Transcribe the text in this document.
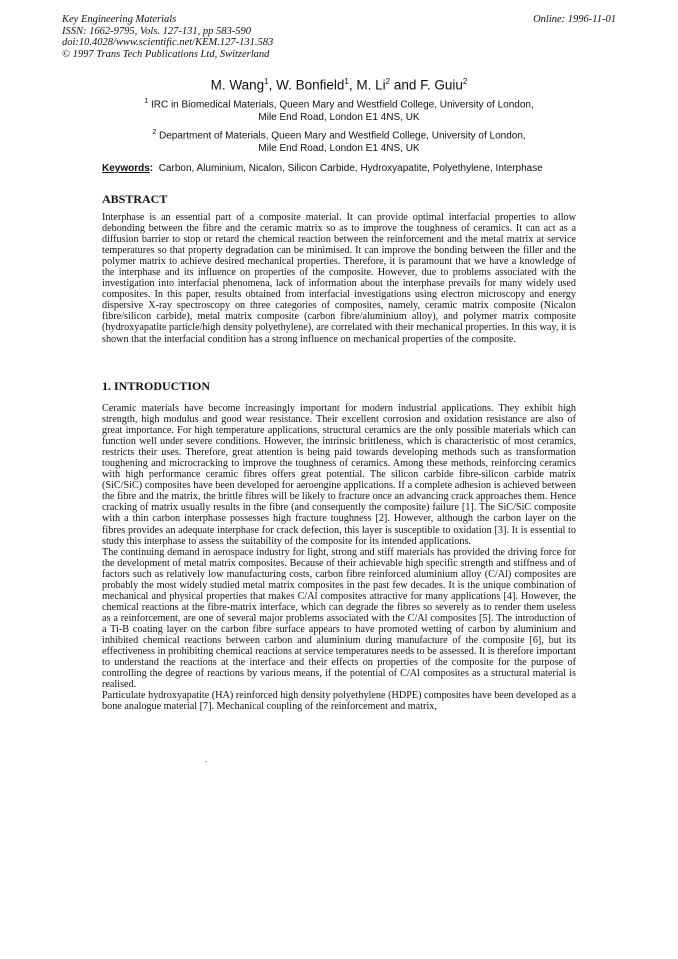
Key Engineering Materials
ISSN: 1662-9795, Vols. 127-131, pp 583-590
doi:10.4028/www.scientific.net/KEM.127-131.583
© 1997 Trans Tech Publications Ltd, Switzerland
Online: 1996-11-01
M. Wang$^1$, W. Bonfield$^1$, M. Li$^2$ and F. Guiu$^2$
$^1$ IRC in Biomedical Materials, Queen Mary and Westfield College, University of London,
Mile End Road, London E1 4NS, UK
$^2$ Department of Materials, Queen Mary and Westfield College, University of London,
Mile End Road, London E1 4NS, UK
Keywords: Carbon, Aluminium, Nicalon, Silicon Carbide, Hydroxyapatite, Polyethylene, Interphase
ABSTRACT

Interphase is an essential part of a composite material. It can provide optimal interfacial properties to allow debonding between the fibre and the ceramic matrix so as to improve the toughness of ceramics. It can act as a diffusion barrier to stop or retard the chemical reaction between the reinforcement and the metal matrix at service temperatures so that property degradation can be minimised. It can improve the bonding between the filler and the polymer matrix to achieve desired mechanical properties. Therefore, it is paramount that we have a knowledge of the interphase and its influence on properties of the composite. However, due to problems associated with the investigation into interfacial phenomena, lack of information about the interphase prevails for many widely used composites. In this paper, results obtained from interfacial investigations using electron microscopy and energy dispersive X-ray spectroscopy on three categories of composites, namely, ceramic matrix composite (Nicalon fibre/silicon carbide), metal matrix composite (carbon fibre/aluminium alloy), and polymer matrix composite (hydroxyapatite particle/high density polyethylene), are correlated with their mechanical properties. In this way, it is shown that the interfacial condition has a strong influence on mechanical properties of the composite.

1. INTRODUCTION

Ceramic materials have become increasingly important for modern industrial applications. They exhibit high strength, high modulus and good wear resistance. Their excellent corrosion and oxidation resistance are also of great importance. For high temperature applications, structural ceramics are the only possible materials which can function well under severe conditions. However, the intrinsic brittleness, which is characteristic of most ceramics, restricts their uses. Therefore, great attention is being paid towards developing methods such as transformation toughening and microcracking to improve the toughness of ceramics. Among these methods, reinforcing ceramics with high performance ceramic fibres offers great potential. The silicon carbide fibre-silicon carbide matrix (SiC/SiC) composites have been developed for aeroengine applications. If a complete adhesion is achieved between the fibre and the matrix, the brittle fibres will be likely to fracture once an advancing crack approaches them. Hence cracking of matrix usually results in the fibre (and consequently the composite) failure [1]. The SiC/SiC composite with a thin carbon interphase possesses high fracture toughness [2]. However, although the carbon layer on the fibres provides an adequate interphase for crack defection, this layer is susceptible to oxidation [3]. It is essential to study this interphase to assess the suitability of the composite for its intended applications.

The continuing demand in aerospace industry for light, strong and stiff materials has provided the driving force for the development of metal matrix composites. Because of their achievable high specific strength and stiffness and of factors such as relatively low manufacturing costs, carbon fibre reinforced aluminium alloy (C/Al) composites are probably the most widely studied metal matrix composites in the past few decades. It is the unique combination of mechanical and physical properties that makes C/Al composites attractive for many applications [4]. However, the chemical reactions at the fibre-matrix interface, which can degrade the fibres so severely as to render them useless as a reinforcement, are one of several major problems associated with the C/Al composites [5]. The introduction of a Ti-B coating layer on the carbon fibre surface appears to have promoted wetting of carbon by aluminium and inhibited chemical reactions between carbon and aluminium during manufacture of the composite [6], but its effectiveness in prohibiting chemical reactions at service temperatures needs to be assessed. It is therefore important to understand the reactions at the interface and their effects on properties of the composite for the purpose of controlling the degree of reactions by various means, if the potential of C/Al composites as a structural material is realised.

Particulate hydroxyapatite (HA) reinforced high density polyethylene (HDPE) composites have been developed as a bone analogue material [7]. Mechanical coupling of the reinforcement and matrix,
